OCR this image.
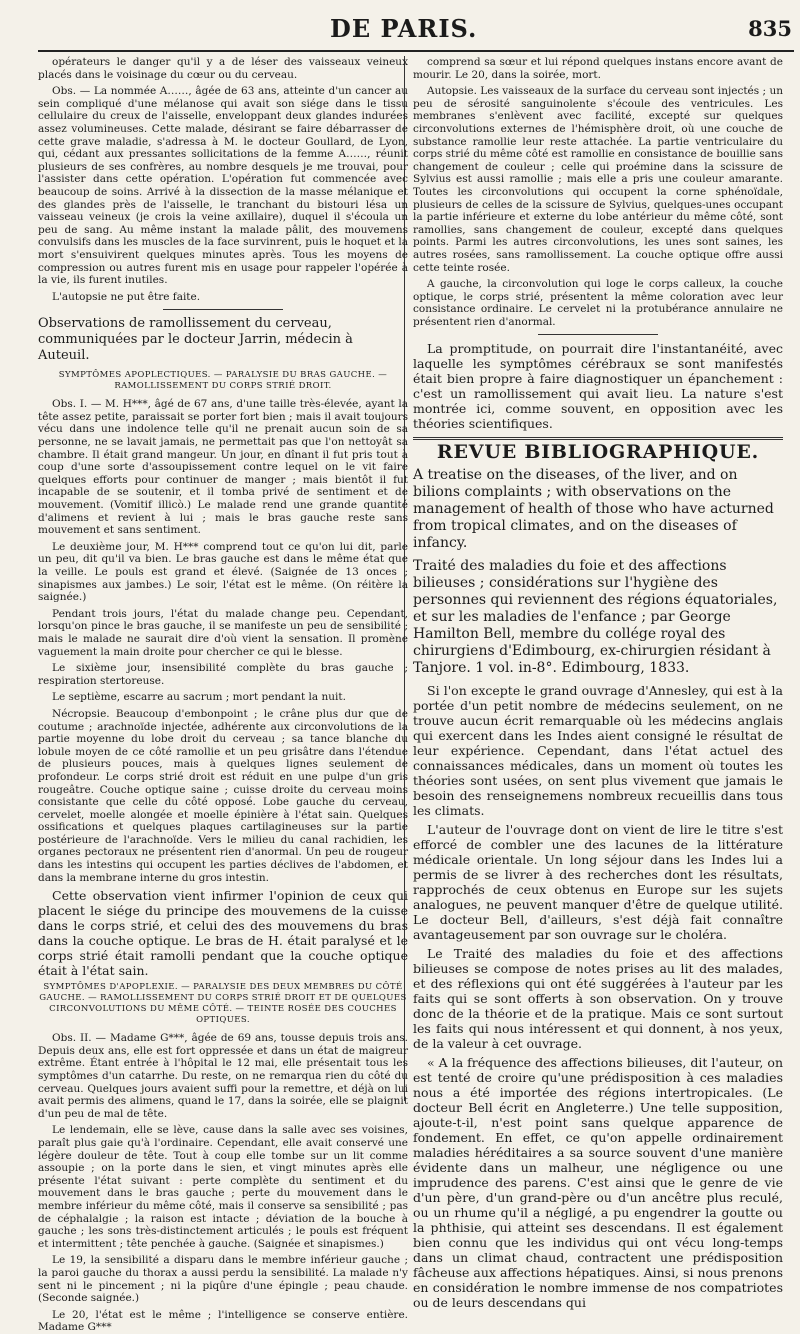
DE PARIS.	835

opérateurs le danger qu'il y a de léser des vaisseaux veineux placés dans le voisinage du cœur ou du cerveau.

Obs. — La nommée A……, âgée de 63 ans, atteinte d'un cancer au sein compliqué d'une mélanose qui avait son siége dans le tissu cellulaire du creux de l'aisselle, enveloppant deux glandes indurées assez volumineuses. Cette malade, désirant se faire débarrasser de cette grave maladie, s'adressa à M. le docteur Goullard, de Lyon, qui, cédant aux pressantes sollicitations de la femme A……, réunit plusieurs de ses confrères, au nombre desquels je me trouvai, pour l'assister dans cette opération. L'opération fut commencée avec beaucoup de soins. Arrivé à la dissection de la masse mélanique et des glandes près de l'aisselle, le tranchant du bistouri lésa un vaisseau veineux (je crois la veine axillaire), duquel il s'écoula un peu de sang. Au même instant la malade pâlit, des mouvemens convulsifs dans les muscles de la face survinrent, puis le hoquet et la mort s'ensuivirent quelques minutes après. Tous les moyens de compression ou autres furent mis en usage pour rappeler l'opérée à la vie, ils furent inutiles.

L'autopsie ne put être faite.

Observations de ramollissement du cerveau, communiquées par le docteur Jarrin, médecin à Auteuil.
SYMPTÔMES APOPLECTIQUES. — PARALYSIE DU BRAS GAUCHE. — RAMOLLISSEMENT DU CORPS STRIÉ DROIT.

Obs. I. — M. H***, âgé de 67 ans, d'une taille très-élevée, ayant la tête assez petite, paraissait se porter fort bien ; mais il avait toujours vécu dans une indolence telle qu'il ne prenait aucun soin de sa personne, ne se lavait jamais, ne permettait pas que l'on nettoyât sa chambre. Il était grand mangeur. Un jour, en dînant il fut pris tout à coup d'une sorte d'assoupissement contre lequel on le vit faire quelques efforts pour continuer de manger ; mais bientôt il fut incapable de se soutenir, et il tomba privé de sentiment et de mouvement. (Vomitif illicò.) Le malade rend une grande quantité d'alimens et revient à lui ; mais le bras gauche reste sans mouvement et sans sentiment.

Le deuxième jour, M. H*** comprend tout ce qu'on lui dit, parle un peu, dit qu'il va bien. Le bras gauche est dans le même état que la veille. Le pouls est grand et élevé. (Saignée de 13 onces ; sinapismes aux jambes.) Le soir, l'état est le même. (On réitère la saignée.)

Pendant trois jours, l'état du malade change peu. Cependant, lorsqu'on pince le bras gauche, il se manifeste un peu de sensibilité ; mais le malade ne saurait dire d'où vient la sensation. Il promène vaguement la main droite pour chercher ce qui le blesse.

Le sixième jour, insensibilité complète du bras gauche ; respiration stertoreuse.

Le septième, escarre au sacrum ; mort pendant la nuit.

Nécropsie. Beaucoup d'embonpoint ; le crâne plus dur que de coutume ; arachnoïde injectée, adhérente aux circonvolutions de la partie moyenne du lobe droit du cerveau ; sa tance blanche du lobule moyen de ce côté ramollie et un peu grisâtre dans l'étendue de plusieurs pouces, mais à quelques lignes seulement de profondeur. Le corps strié droit est réduit en une pulpe d'un gris rougeâtre. Couche optique saine ; cuisse droite du cerveau moins consistante que celle du côté opposé. Lobe gauche du cerveau, cervelet, moelle alongée et moelle épinière à l'état sain. Quelques ossifications et quelques plaques cartilagineuses sur la partie postérieure de l'arachnoïde. Vers le milieu du canal rachidien, les organes pectoraux ne présentent rien d'anormal. Un peu de rougeur dans les intestins qui occupent les parties déclives de l'abdomen, et dans la membrane interne du gros intestin.

Cette observation vient infirmer l'opinion de ceux qui placent le siége du principe des mouvemens de la cuisse dans le corps strié, et celui des des mouvemens du bras dans la couche optique. Le bras de H. était paralysé et le corps strié était ramolli pendant que la couche optique était à l'état sain.

SYMPTÔMES D'APOPLEXIE. — PARALYSIE DES DEUX MEMBRES DU CÔTÉ GAUCHE. — RAMOLLISSEMENT DU CORPS STRIÉ DROIT ET DE QUELQUES CIRCONVOLUTIONS DU MÊME CÔTÉ. — TEINTE ROSÉE DES COUCHES OPTIQUES.

Obs. II. — Madame G***, âgée de 69 ans, tousse depuis trois ans. Depuis deux ans, elle est fort oppressée et dans un état de maigreur extrême. Étant entrée à l'hôpital le 12 mai, elle présentait tous les symptômes d'un catarrhe. Du reste, on ne remarqua rien du côté du cerveau. Quelques jours avaient suffi pour la remettre, et déjà on lui avait permis des alimens, quand le 17, dans la soirée, elle se plaignit d'un peu de mal de tête.

Le lendemain, elle se lève, cause dans la salle avec ses voisines, paraît plus gaie qu'à l'ordinaire. Cependant, elle avait conservé une légère douleur de tête. Tout à coup elle tombe sur un lit comme assoupie ; on la porte dans le sien, et vingt minutes après elle présente l'état suivant : perte complète du sentiment et du mouvement dans le bras gauche ; perte du mouvement dans le membre inférieur du même côté, mais il conserve sa sensibilité ; pas de céphalalgie ; la raison est intacte ; déviation de la bouche à gauche ; les sons très-distinctement articulés ; le pouls est fréquent et intermittent ; tête penchée à gauche. (Saignée et sinapismes.)

Le 19, la sensibilité a disparu dans le membre inférieur gauche ; la paroi gauche du thorax a aussi perdu la sensibilité. La malade n'y sent ni le pincement ; ni la piqûre d'une épingle ; peau chaude. (Seconde saignée.)

Le 20, l'état est le même ; l'intelligence se conserve entière. Madame G***

comprend sa sœur et lui répond quelques instans encore avant de mourir. Le 20, dans la soirée, mort.

Autopsie. Les vaisseaux de la surface du cerveau sont injectés ; un peu de sérosité sanguinolente s'écoule des ventricules. Les membranes s'enlèvent avec facilité, excepté sur quelques circonvolutions externes de l'hémisphère droit, où une couche de substance ramollie leur reste attachée. La partie ventriculaire du corps strié du même côté est ramollie en consistance de bouillie sans changement de couleur ; celle qui proémine dans la scissure de Sylvius est aussi ramollie ; mais elle a pris une couleur amarante. Toutes les circonvolutions qui occupent la corne sphénoïdale, plusieurs de celles de la scissure de Sylvius, quelques-unes occupant la partie inférieure et externe du lobe antérieur du même côté, sont ramollies, sans changement de couleur, excepté dans quelques points. Parmi les autres circonvolutions, les unes sont saines, les autres rosées, sans ramollissement. La couche optique offre aussi cette teinte rosée.

A gauche, la circonvolution qui loge le corps calleux, la couche optique, le corps strié, présentent la même coloration avec leur consistance ordinaire. Le cervelet ni la protubérance annulaire ne présentent rien d'anormal.

La promptitude, on pourrait dire l'instantanéité, avec laquelle les symptômes cérébraux se sont manifestés était bien propre à faire diagnostiquer un épanchement : c'est un ramollissement qui avait lieu. La nature s'est montrée ici, comme souvent, en opposition avec les théories scientifiques.

REVUE BIBLIOGRAPHIQUE.
A treatise on the diseases, of the liver, and on bilions complaints ; with observations on the management of health of those who have acturned from tropical climates, and on the diseases of infancy.
Traité des maladies du foie et des affections bilieuses ; considérations sur l'hygiène des personnes qui reviennent des régions équatoriales, et sur les maladies de l'enfance ; par George Hamilton Bell, membre du collége royal des chirurgiens d'Edimbourg, ex-chirurgien résidant à Tanjore. 1 vol. in-8°. Edimbourg, 1833.

Si l'on excepte le grand ouvrage d'Annesley, qui est à la portée d'un petit nombre de médecins seulement, on ne trouve aucun écrit remarquable où les médecins anglais qui exercent dans les Indes aient consigné le résultat de leur expérience. Cependant, dans l'état actuel des connaissances médicales, dans un moment où toutes les théories sont usées, on sent plus vivement que jamais le besoin des renseignemens nombreux recueillis dans tous les climats.

L'auteur de l'ouvrage dont on vient de lire le titre s'est efforcé de combler une des lacunes de la littérature médicale orientale. Un long séjour dans les Indes lui a permis de se livrer à des recherches dont les résultats, rapprochés de ceux obtenus en Europe sur les sujets analogues, ne peuvent manquer d'être de quelque utilité. Le docteur Bell, d'ailleurs, s'est déjà fait connaître avantageusement par son ouvrage sur le choléra.

Le Traité des maladies du foie et des affections bilieuses se compose de notes prises au lit des malades, et des réflexions qui ont été suggérées à l'auteur par les faits qui se sont offerts à son observation. On y trouve donc de la théorie et de la pratique. Mais ce sont surtout les faits qui nous intéressent et qui donnent, à nos yeux, de la valeur à cet ouvrage.

« A la fréquence des affections bilieuses, dit l'auteur, on est tenté de croire qu'une prédisposition à ces maladies nous a été importée des régions intertropicales. (Le docteur Bell écrit en Angleterre.) Une telle supposition, ajoute-t-il, n'est point sans quelque apparence de fondement. En effet, ce qu'on appelle ordinairement maladies héréditaires a sa source souvent d'une manière évidente dans un malheur, une négligence ou une imprudence des parens. C'est ainsi que le genre de vie d'un père, d'un grand-père ou d'un ancêtre plus reculé, ou un rhume qu'il a négligé, a pu engendrer la goutte ou la phthisie, qui atteint ses descendans. Il est également bien connu que les individus qui ont vécu long-temps dans un climat chaud, contractent une prédisposition fâcheuse aux affections hépatiques. Ainsi, si nous prenons en considération le nombre immense de nos compatriotes ou de leurs descendans qui
